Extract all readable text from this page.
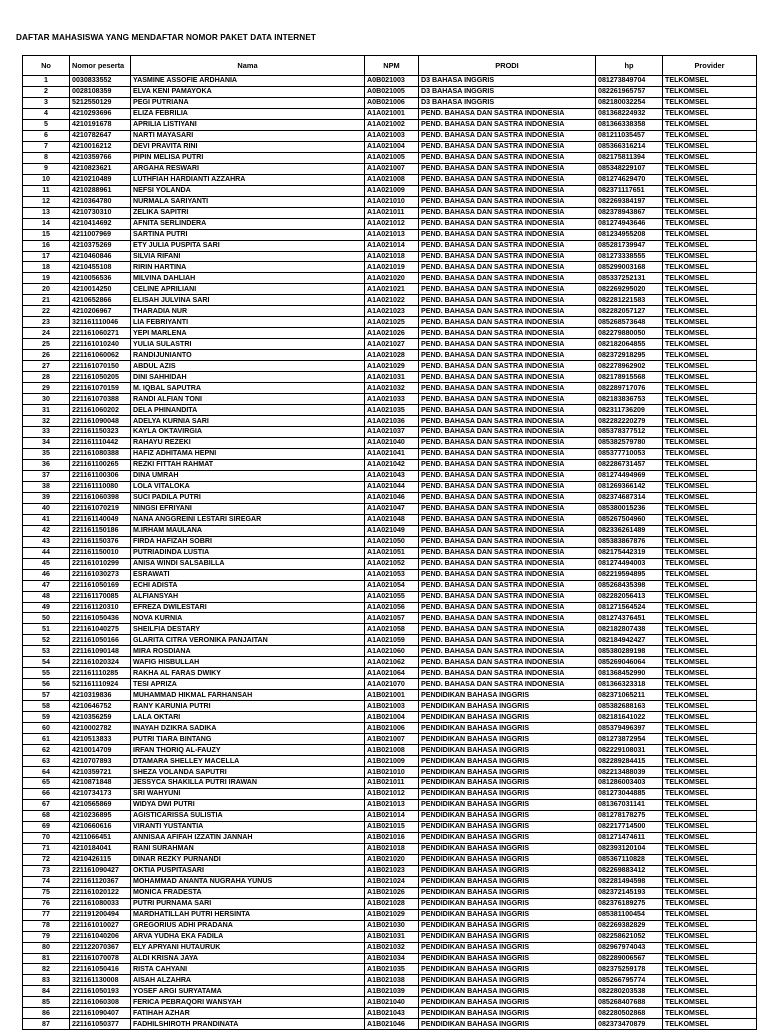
DAFTAR MAHASISWA YANG MENDAFTAR NOMOR PAKET DATA INTERNET
No	Nomor peserta	Nama	NPM	PRODI	hp	Provider
1	0030833552	YASMINE ASSOFIE ARDHANIA	A0B021003	D3 BAHASA INGGRIS	081273849704	TELKOMSEL
2	0028108359	ELVA KENI PAMAYOKA	A0B021005	D3 BAHASA INGGRIS	082261965757	TELKOMSEL
3	5212550129	PEGI PUTRIANA	A0B021006	D3 BAHASA INGGRIS	082180032254	TELKOMSEL
4	4210293696	ELIZA FEBRILIA	A1A021001	PEND. BAHASA DAN SASTRA INDONESIA	081368224932	TELKOMSEL
5	4210191678	APRILIA LISTIYANI	A1A021002	PEND. BAHASA DAN SASTRA INDONESIA	081366338358	TELKOMSEL
6	4210782647	NARTI MAYASARI	A1A021003	PEND. BAHASA DAN SASTRA INDONESIA	081211035457	TELKOMSEL
7	4210016212	DEVI PRAVITA RINI	A1A021004	PEND. BAHASA DAN SASTRA INDONESIA	085366316214	TELKOMSEL
8	4210359766	PIPIN MELISA PUTRI	A1A021005	PEND. BAHASA DAN SASTRA INDONESIA	082175811394	TELKOMSEL
9	4210823621	ARGAHA RESWARI	A1A021007	PEND. BAHASA DAN SASTRA INDONESIA	085348229107	TELKOMSEL
10	4210210489	LUTHFIAH HARDIANTI AZZAHRA	A1A021008	PEND. BAHASA DAN SASTRA INDONESIA	081274629470	TELKOMSEL
11	4210288961	NEFSI YOLANDA	A1A021009	PEND. BAHASA DAN SASTRA INDONESIA	082371117651	TELKOMSEL
12	4210364780	NURMALA SARIYANTI	A1A021010	PEND. BAHASA DAN SASTRA INDONESIA	082269384197	TELKOMSEL
13	4210730310	ZELIKA SAPITRI	A1A021011	PEND. BAHASA DAN SASTRA INDONESIA	082378943867	TELKOMSEL
14	4210414692	AFNITA SERLINDERA	A1A021012	PEND. BAHASA DAN SASTRA INDONESIA	081274943646	TELKOMSEL
15	4211007969	SARTINA PUTRI	A1A021013	PEND. BAHASA DAN SASTRA INDONESIA	081234955208	TELKOMSEL
16	4210375269	ETY JULIA PUSPITA SARI	A1A021014	PEND. BAHASA DAN SASTRA INDONESIA	085281739947	TELKOMSEL
17	4210460846	SILVIA RIFANI	A1A021018	PEND. BAHASA DAN SASTRA INDONESIA	081273338555	TELKOMSEL
18	4210455108	RIRIN HARTINA	A1A021019	PEND. BAHASA DAN SASTRA INDONESIA	085299003168	TELKOMSEL
19	4210056536	MILVINA DAHLIAH	A1A021020	PEND. BAHASA DAN SASTRA INDONESIA	085337252131	TELKOMSEL
20	4210014250	CELINE APRILIANI	A1A021021	PEND. BAHASA DAN SASTRA INDONESIA	082269295020	TELKOMSEL
21	4210652866	ELISAH JULVINA SARI	A1A021022	PEND. BAHASA DAN SASTRA INDONESIA	082281221583	TELKOMSEL
22	4210206967	THARADIA NUR	A1A021023	PEND. BAHASA DAN SASTRA INDONESIA	082282057127	TELKOMSEL
23	321161110046	LIA FEBRIYANTI	A1A021025	PEND. BAHASA DAN SASTRA INDONESIA	085268573648	TELKOMSEL
24	221161060271	YEPI MARLENA	A1A021026	PEND. BAHASA DAN SASTRA INDONESIA	082279880050	TELKOMSEL
25	221161010240	YULIA SULASTRI	A1A021027	PEND. BAHASA DAN SASTRA INDONESIA	082182064855	TELKOMSEL
26	221161060062	RANDIJUNIANTO	A1A021028	PEND. BAHASA DAN SASTRA INDONESIA	082372918295	TELKOMSEL
27	221161070150	ABDUL AZIS	A1A021029	PEND. BAHASA DAN SASTRA INDONESIA	082278962902	TELKOMSEL
28	221161050205	DINI SAHHIDAH	A1A021031	PEND. BAHASA DAN SASTRA INDONESIA	082178915568	TELKOMSEL
29	221161070159	M. IQBAL SAPUTRA	A1A021032	PEND. BAHASA DAN SASTRA INDONESIA	082289717076	TELKOMSEL
30	221161070388	RANDI ALFIAN TONI	A1A021033	PEND. BAHASA DAN SASTRA INDONESIA	082183836753	TELKOMSEL
31	221161060202	DELA PHINANDITA	A1A021035	PEND. BAHASA DAN SASTRA INDONESIA	082311736209	TELKOMSEL
32	221161090048	ADELYA KURNIA SARI	A1A021036	PEND. BAHASA DAN SASTRA INDONESIA	082282220279	TELKOMSEL
33	221161150323	KAYLA OKTAVIRGIA	A1A021037	PEND. BAHASA DAN SASTRA INDONESIA	085378377512	TELKOMSEL
34	221161110442	RAHAYU REZEKI	A1A021040	PEND. BAHASA DAN SASTRA INDONESIA	085382579780	TELKOMSEL
35	221161080388	HAFIZ ADHITAMA HEPNI	A1A021041	PEND. BAHASA DAN SASTRA INDONESIA	085377710053	TELKOMSEL
36	221161100265	REZKI FITTAH RAHMAT	A1A021042	PEND. BAHASA DAN SASTRA INDONESIA	082286731457	TELKOMSEL
37	221161100306	DINA UMRAH	A1A021043	PEND. BAHASA DAN SASTRA INDONESIA	081274494969	TELKOMSEL
38	221161110080	LOLA VITALOKA	A1A021044	PEND. BAHASA DAN SASTRA INDONESIA	081269366142	TELKOMSEL
39	221161060398	SUCI PADILA PUTRI	A1A021046	PEND. BAHASA DAN SASTRA INDONESIA	082374687314	TELKOMSEL
40	221161070219	NINGSI EFRIYANI	A1A021047	PEND. BAHASA DAN SASTRA INDONESIA	085380015236	TELKOMSEL
41	221161140049	NANA ANGGREINI LESTARI SIREGAR	A1A021048	PEND. BAHASA DAN SASTRA INDONESIA	085267504960	TELKOMSEL
42	221161150186	M.IRHAM MAULANA	A1A021049	PEND. BAHASA DAN SASTRA INDONESIA	082336261489	TELKOMSEL
43	221161150376	FIRDA HAFIZAH SOBRI	A1A021050	PEND. BAHASA DAN SASTRA INDONESIA	085383867876	TELKOMSEL
44	221161150010	PUTRIADINDA LUSTIA	A1A021051	PEND. BAHASA DAN SASTRA INDONESIA	082175442319	TELKOMSEL
45	221161010299	ANISA WINDI SALSABILLA	A1A021052	PEND. BAHASA DAN SASTRA INDONESIA	081274494003	TELKOMSEL
46	221161030273	ESRAWATI	A1A021053	PEND. BAHASA DAN SASTRA INDONESIA	082219594895	TELKOMSEL
47	221161050169	ECHI ADISTA	A1A021054	PEND. BAHASA DAN SASTRA INDONESIA	085268435398	TELKOMSEL
48	221161170085	ALFIANSYAH	A1A021055	PEND. BAHASA DAN SASTRA INDONESIA	082282056413	TELKOMSEL
49	221161120310	EFREZA DWILESTARI	A1A021056	PEND. BAHASA DAN SASTRA INDONESIA	081271564524	TELKOMSEL
50	221161050436	NOVA KURNIA	A1A021057	PEND. BAHASA DAN SASTRA INDONESIA	081274376451	TELKOMSEL
51	221161040275	SHEILFIA DESTARY	A1A021058	PEND. BAHASA DAN SASTRA INDONESIA	082182807438	TELKOMSEL
52	221161050166	GLARITA CITRA VERONIKA PANJAITAN	A1A021059	PEND. BAHASA DAN SASTRA INDONESIA	082184942427	TELKOMSEL
53	221161090148	MIRA ROSDIANA	A1A021060	PEND. BAHASA DAN SASTRA INDONESIA	085380289198	TELKOMSEL
54	221161020324	WAFIG HISBULLAH	A1A021062	PEND. BAHASA DAN SASTRA INDONESIA	085269046064	TELKOMSEL
55	221161110285	RAKHA AL FARAS DWIKY	A1A021064	PEND. BAHASA DAN SASTRA INDONESIA	081368452990	TELKOMSEL
56	521161110924	TESI APRIZA	A1A021070	PEND. BAHASA DAN SASTRA INDONESIA	081366323318	TELKOMSEL
57	4210319836	MUHAMMAD HIKMAL FARHANSAH	A1B021001	PENDIDIKAN BAHASA INGGRIS	082371065211	TELKOMSEL
58	4210646752	RANY KARUNIA PUTRI	A1B021003	PENDIDIKAN BAHASA INGGRIS	085382688163	TELKOMSEL
59	4210356259	LALA OKTARI	A1B021004	PENDIDIKAN BAHASA INGGRIS	082181641022	TELKOMSEL
60	4210002782	INAYAH DZIKRA SADIKA	A1B021006	PENDIDIKAN BAHASA INGGRIS	085379496397	TELKOMSEL
61	4210513833	PUTRI TIARA BINTANG	A1B021007	PENDIDIKAN BAHASA INGGRIS	081273872954	TELKOMSEL
62	4210014709	IRFAN THORIQ AL-FAUZY	A1B021008	PENDIDIKAN BAHASA INGGRIS	082229108031	TELKOMSEL
63	4210707893	DTAMARA SHELLEY MACELLA	A1B021009	PENDIDIKAN BAHASA INGGRIS	082289284415	TELKOMSEL
64	4210359721	SHEZA VOLANDA SAPUTRI	A1B021010	PENDIDIKAN BAHASA INGGRIS	082213488039	TELKOMSEL
65	4210871848	JESSYCA SHAKILLA PUTRI IRAWAN	A1B021011	PENDIDIKAN BAHASA INGGRIS	081286003403	TELKOMSEL
66	4210734173	SRI WAHYUNI	A1B021012	PENDIDIKAN BAHASA INGGRIS	081273044885	TELKOMSEL
67	4210565869	WIDYA DWI PUTRI	A1B021013	PENDIDIKAN BAHASA INGGRIS	081367031141	TELKOMSEL
68	4210236895	AGISTICARISSA SULISTIA	A1B021014	PENDIDIKAN BAHASA INGGRIS	081278178275	TELKOMSEL
69	4210660616	VIRANTI YUSTANTIA	A1B021015	PENDIDIKAN BAHASA INGGRIS	082217714500	TELKOMSEL
70	4211066451	ANNISAA AFIFAH IZZATIN JANNAH	A1B021016	PENDIDIKAN BAHASA INGGRIS	081271474611	TELKOMSEL
71	4210184041	RANI SURAHMAN	A1B021018	PENDIDIKAN BAHASA INGGRIS	082393120104	TELKOMSEL
72	4210426115	DINAR REZKY PURNANDI	A1B021020	PENDIDIKAN BAHASA INGGRIS	085367110828	TELKOMSEL
73	221161090427	OKTIA PUSPITASARI	A1B021023	PENDIDIKAN BAHASA INGGRIS	082269883412	TELKOMSEL
74	221161120367	MOHAMMAD ANANTA NUGRAHA YUNUS	A1B021024	PENDIDIKAN BAHASA INGGRIS	082281494598	TELKOMSEL
75	221161020122	MONICA FRADESTA	A1B021026	PENDIDIKAN BAHASA INGGRIS	082372145193	TELKOMSEL
76	221161080033	PUTRI PURNAMA SARI	A1B021028	PENDIDIKAN BAHASA INGGRIS	082376189275	TELKOMSEL
77	221191200494	MARDHATILLAH PUTRI HERSINTA	A1B021029	PENDIDIKAN BAHASA INGGRIS	085381100454	TELKOMSEL
78	221161010027	GREGORIUS ADHI PRADANA	A1B021030	PENDIDIKAN BAHASA INGGRIS	082269382829	TELKOMSEL
79	221161040206	ARVA YUDHA EKA FADILA	A1B021031	PENDIDIKAN BAHASA INGGRIS	082258621052	TELKOMSEL
80	221122070367	ELY APRYANI HUTAURUK	A1B021032	PENDIDIKAN BAHASA INGGRIS	082967974043	TELKOMSEL
81	221161070078	ALDI KRISNA JAYA	A1B021034	PENDIDIKAN BAHASA INGGRIS	082289006567	TELKOMSEL
82	221161050416	RISTA CAHYANI	A1B021035	PENDIDIKAN BAHASA INGGRIS	082375259178	TELKOMSEL
83	321161130008	AISAH ALZAHRA	A1B021038	PENDIDIKAN BAHASA INGGRIS	085266795774	TELKOMSEL
84	221161050193	YOSEF ARGI SURYATAMA	A1B021039	PENDIDIKAN BAHASA INGGRIS	082280203538	TELKOMSEL
85	221161060308	FERICA PEBRAQORI WANSYAH	A1B021040	PENDIDIKAN BAHASA INGGRIS	085268407688	TELKOMSEL
86	221161090407	FATIHAH AZHAR	A1B021043	PENDIDIKAN BAHASA INGGRIS	082280502868	TELKOMSEL
87	221161050377	FADHILSHIROTH PRANDINATA	A1B021046	PENDIDIKAN BAHASA INGGRIS	082373470879	TELKOMSEL
